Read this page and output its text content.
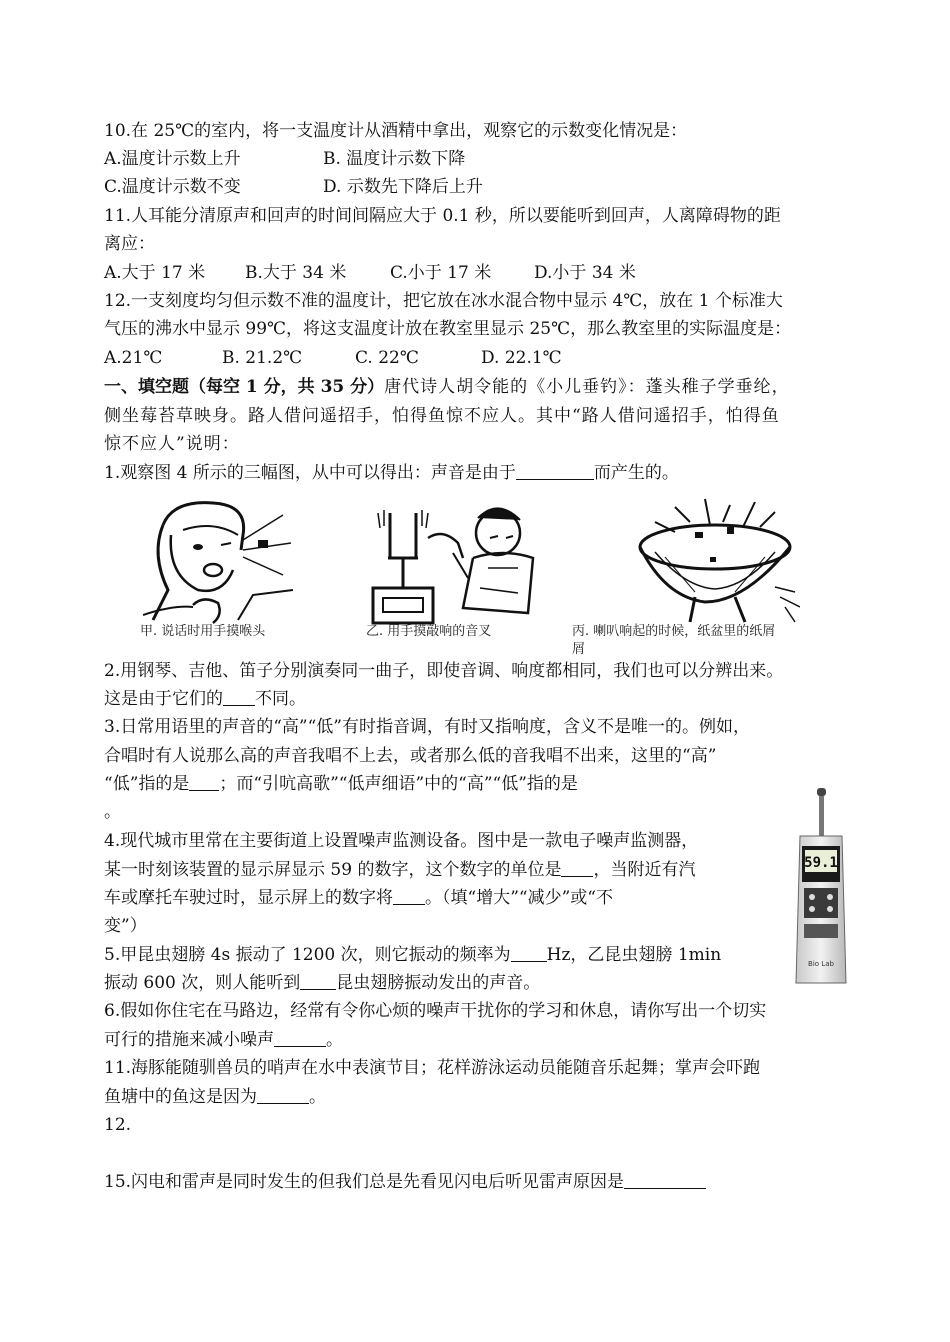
10.在 25℃的室内，将一支温度计从酒精中拿出，观察它的示数变化情况是：
A.温度计示数上升	B. 温度计示数下降
C.温度计示数不变	D. 示数先下降后上升
11.人耳能分清原声和回声的时间间隔应大于 0.1 秒，所以要能听到回声，人离障碍物的距
离应：
A.大于 17 米 B.大于 34 米	C.小于 17 米	D.小于 34 米
12.一支刻度均匀但示数不准的温度计，把它放在冰水混合物中显示 4℃，放在 1 个标准大
气压的沸水中显示 99℃，将这支温度计放在教室里显示 25℃，那么教室里的实际温度是：
A.21℃	B. 21.2℃	C. 22℃	D. 22.1℃
一、填空题（每空 1 分，共 35 分）唐代诗人胡令能的《小儿垂钓》：蓬头稚子学垂纶，
侧坐莓苔草映身。路人借问遥招手，怕得鱼惊不应人。其中“路人借问遥招手，怕得鱼
惊不应人”说明：
1.观察图 4 所示的三幅图，从中可以得出：声音是由于	而产生的。
甲. 说话时用手摸喉头	乙. 用手摸敲响的音叉	丙. 喇叭响起的时候，纸盆里的纸屑
屑
2.用钢琴、吉他、笛子分别演奏同一曲子，即使音调、响度都相同，我们也可以分辨出来。
这是由于它们的 不同。
3.日常用语里的声音的“高”“低”有时指音调，有时又指响度，含义不是唯一的。例如，
合唱时有人说那么高的声音我唱不上去，或者那么低的音我唱不出来，这里的“高”
“低”指的是 ；而“引吭高歌”“低声细语”中的“高”“低”指的是
。
59.1
Bio Lab
4.现代城市里常在主要街道上设置噪声监测设备。图中是一款电子噪声监测器，
某一时刻该装置的显示屏显示 59 的数字，这个数字的单位是 ，当附近有汽
车或摩托车驶过时，显示屏上的数字将 。（填“增大”“减少”或“不
变”）
5.甲昆虫翅膀 4s 振动了 1200 次，则它振动的频率为 Hz，乙昆虫翅膀 1min
振动 600 次，则人能听到 昆虫翅膀振动发出的声音。
6.假如你住宅在马路边，经常有令你心烦的噪声干扰你的学习和休息，请你写出一个切实
可行的措施来减小噪声	。
11.海豚能随驯兽员的哨声在水中表演节目；花样游泳运动员能随音乐起舞；掌声会吓跑
鱼塘中的鱼这是因为	。
12.
15.闪电和雷声是同时发生的但我们总是先看见闪电后听见雷声原因是
